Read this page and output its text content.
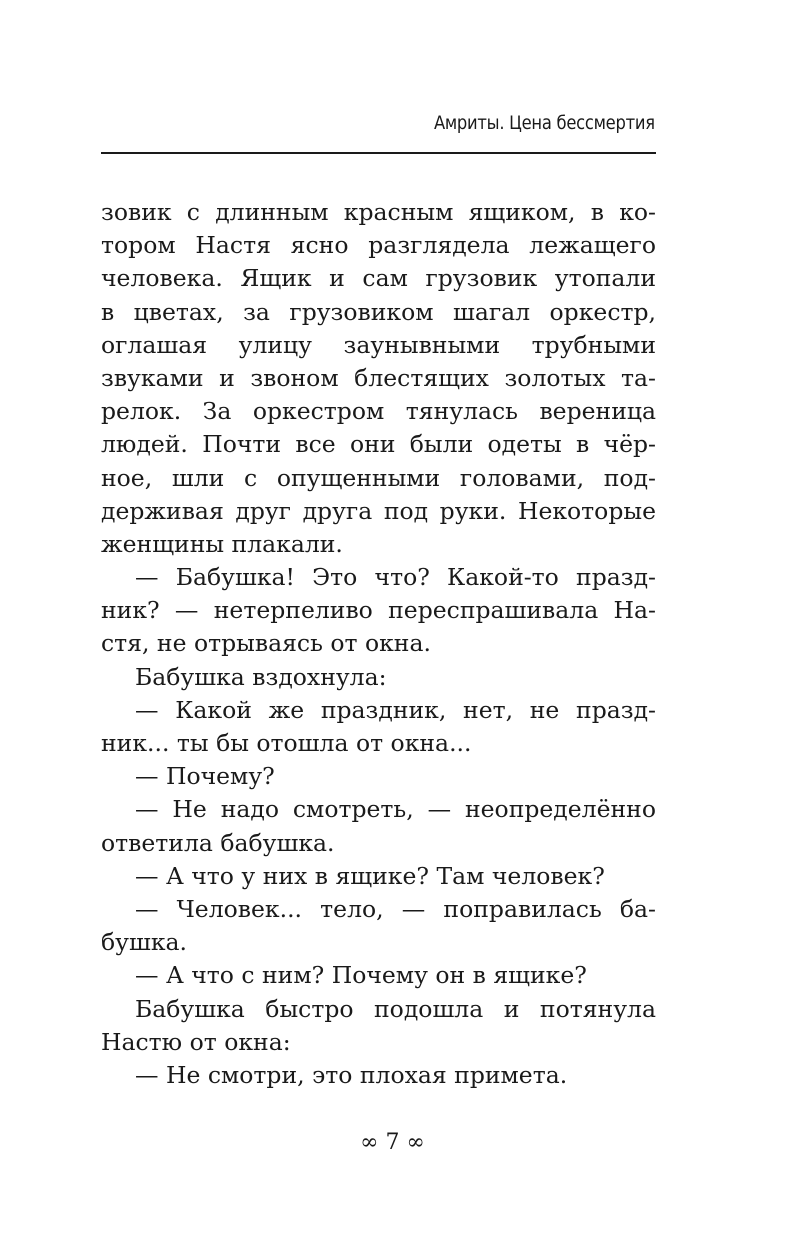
Амриты. Цена бессмертия
зовик с длинным красным ящиком, в ко-
тором Настя ясно разглядела лежащего
человека. Ящик и сам грузовик утопали
в цветах, за грузовиком шагал оркестр,
оглашая улицу заунывными трубными
звуками и звоном блестящих золотых та-
релок. За оркестром тянулась вереница
людей. Почти все они были одеты в чёр-
ное, шли с опущенными головами, под-
держивая друг друга под руки. Некоторые
женщины плакали.
— Бабушка! Это что? Какой-то празд-
ник? — нетерпеливо переспрашивала На-
стя, не отрываясь от окна.
Бабушка вздохнула:
— Какой же праздник, нет, не празд-
ник... ты бы отошла от окна...
— Почему?
— Не надо смотреть, — неопределённо
ответила бабушка.
— А что у них в ящике? Там человек?
— Человек... тело, — поправилась ба-
бушка.
— А что с ним? Почему он в ящике?
Бабушка быстро подошла и потянула
Настю от окна:
— Не смотри, это плохая примета.
∞ 7 ∞
